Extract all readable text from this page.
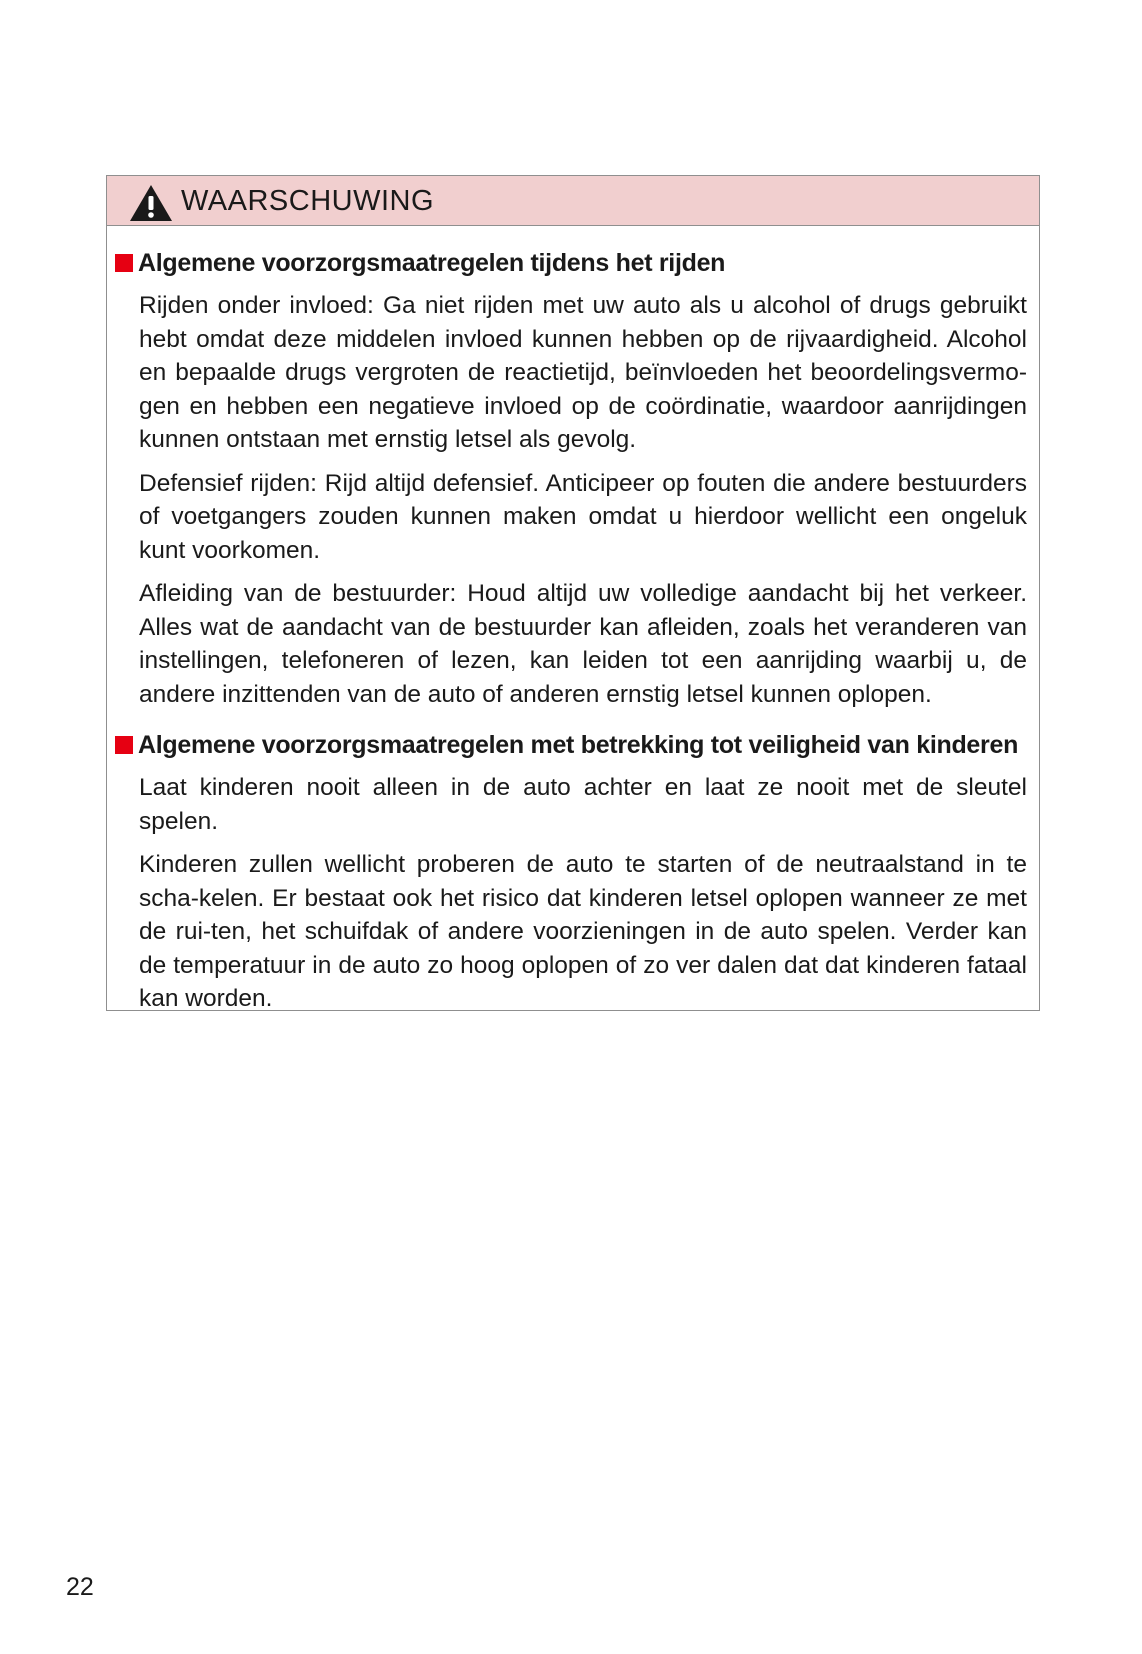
WAARSCHUWING
Algemene voorzorgsmaatregelen tijdens het rijden

Rijden onder invloed: Ga niet rijden met uw auto als u alcohol of drugs gebruikt hebt omdat deze middelen invloed kunnen hebben op de rijvaardigheid. Alcohol en bepaalde drugs vergroten de reactietijd, beïnvloeden het beoordelingsvermo-gen en hebben een negatieve invloed op de coördinatie, waardoor aanrijdingen kunnen ontstaan met ernstig letsel als gevolg.

Defensief rijden: Rijd altijd defensief. Anticipeer op fouten die andere bestuurders of voetgangers zouden kunnen maken omdat u hierdoor wellicht een ongeluk kunt voorkomen.

Afleiding van de bestuurder: Houd altijd uw volledige aandacht bij het verkeer. Alles wat de aandacht van de bestuurder kan afleiden, zoals het veranderen van instellingen, telefoneren of lezen, kan leiden tot een aanrijding waarbij u, de andere inzittenden van de auto of anderen ernstig letsel kunnen oplopen.

Algemene voorzorgsmaatregelen met betrekking tot veiligheid van kinderen

Laat kinderen nooit alleen in de auto achter en laat ze nooit met de sleutel spelen.

Kinderen zullen wellicht proberen de auto te starten of de neutraalstand in te scha-kelen. Er bestaat ook het risico dat kinderen letsel oplopen wanneer ze met de rui-ten, het schuifdak of andere voorzieningen in de auto spelen. Verder kan de temperatuur in de auto zo hoog oplopen of zo ver dalen dat dat kinderen fataal kan worden.

22
